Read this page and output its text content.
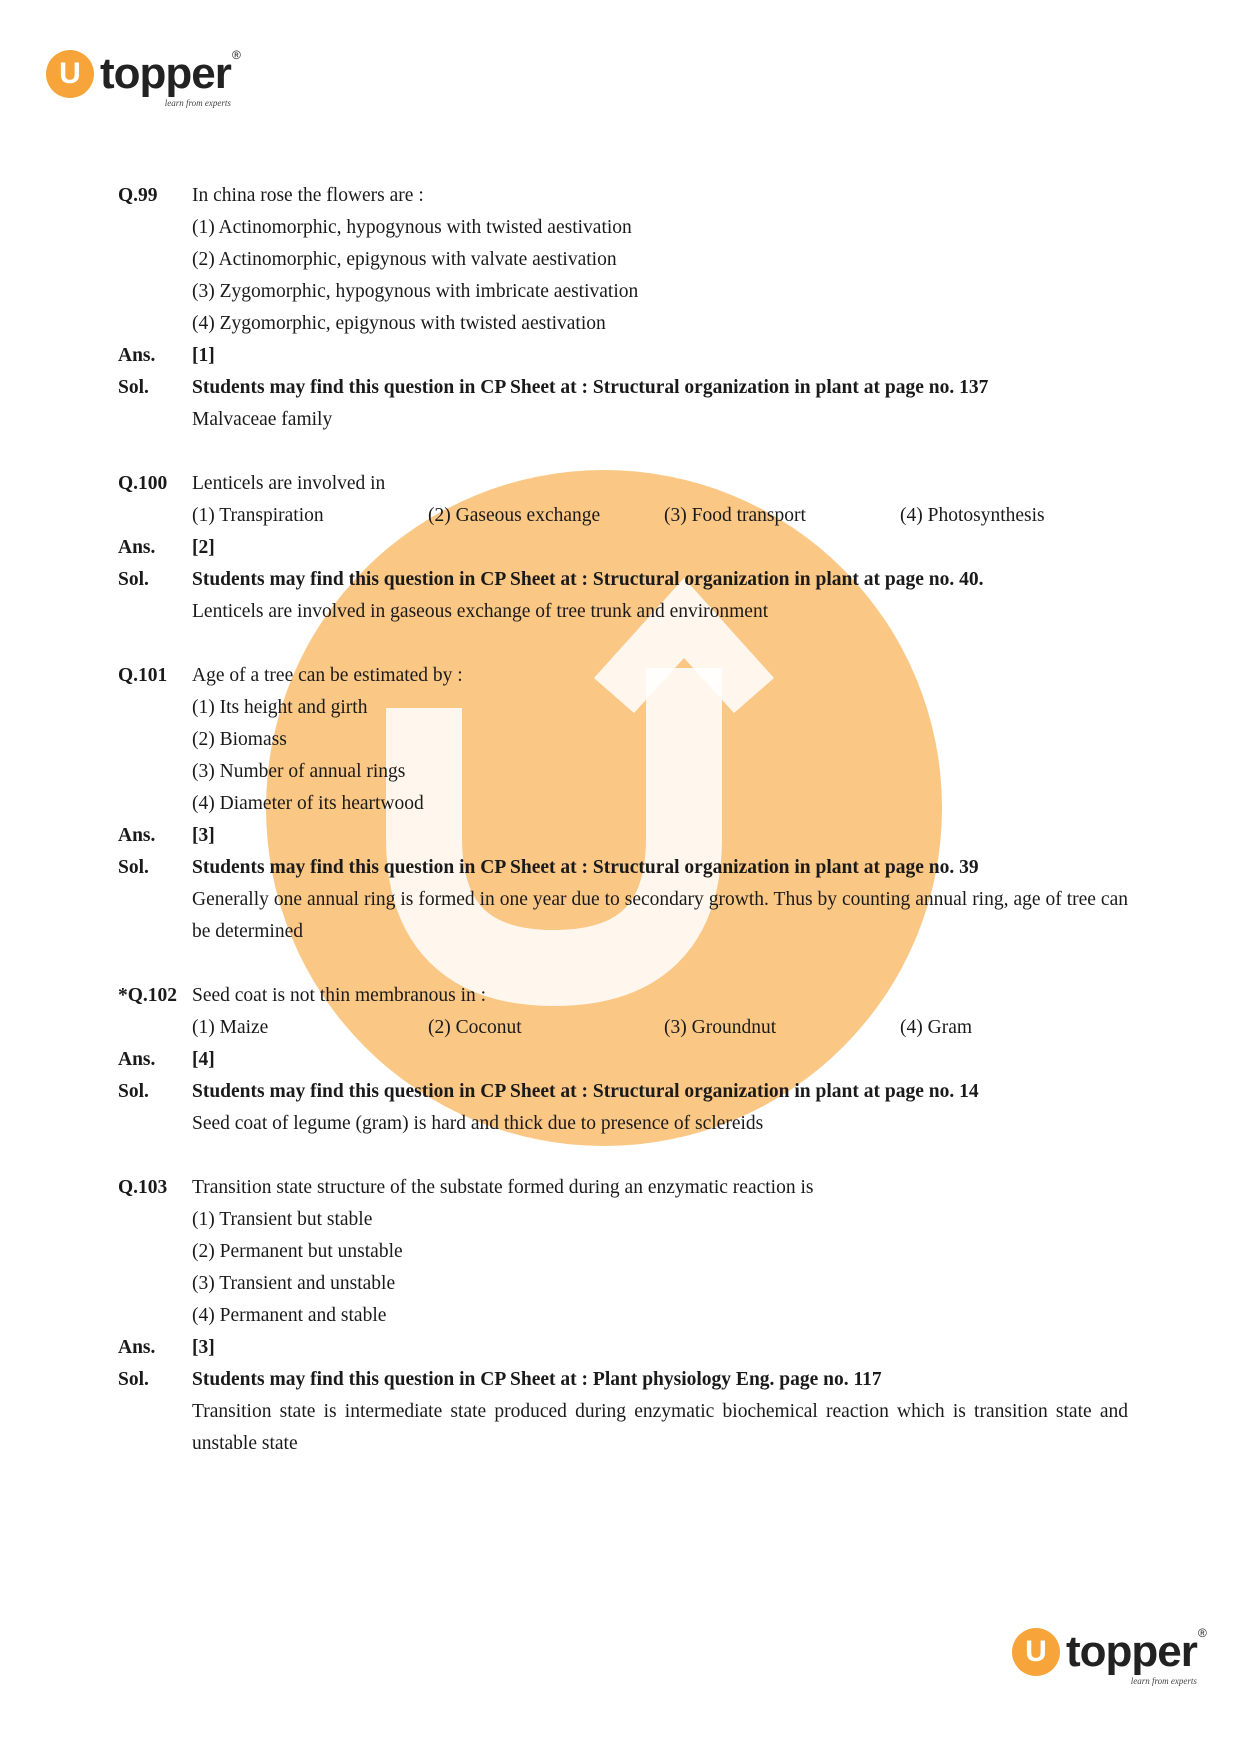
U topper ®
learn from experts
Q.99	In china rose the flowers are :
(1) Actinomorphic, hypogynous with twisted aestivation
(2) Actinomorphic, epigynous with valvate aestivation
(3) Zygomorphic, hypogynous with imbricate aestivation
(4) Zygomorphic, epigynous with twisted aestivation
Ans.	[1]
Sol.	Students may find this question in CP Sheet at : Structural organization in plant at page no. 137
Malvaceae family
Q.100	Lenticels are involved in
(1) Transpiration	(2) Gaseous exchange	(3) Food transport	(4) Photosynthesis
Ans.	[2]
Sol.	Students may find this question in CP Sheet at : Structural organization in plant at page no. 40.
Lenticels are involved in gaseous exchange of tree trunk and environment
Q.101	Age of a tree can be estimated by :
(1) Its height and girth
(2) Biomass
(3) Number of annual rings
(4) Diameter of its heartwood
Ans.	[3]
Sol.	Students may find this question in CP Sheet at : Structural organization in plant at page no. 39
Generally one annual ring is formed in one year due to secondary growth. Thus by counting annual ring, age of tree can be determined
*Q.102 Seed coat is not thin membranous in :
(1) Maize	(2) Coconut	(3) Groundnut	(4) Gram
Ans.	[4]
Sol.	Students may find this question in CP Sheet at : Structural organization in plant at page no. 14
Seed coat of legume (gram) is hard and thick due to presence of sclereids
Q.103	Transition state structure of the substate formed during an enzymatic reaction is
(1) Transient but stable
(2) Permanent but unstable
(3) Transient and unstable
(4) Permanent and stable
Ans.	[3]
Sol.	Students may find this question in CP Sheet at : Plant physiology Eng. page no. 117
Transition state is intermediate state produced during enzymatic biochemical reaction which is transition state and unstable state
U topper ®
learn from experts
